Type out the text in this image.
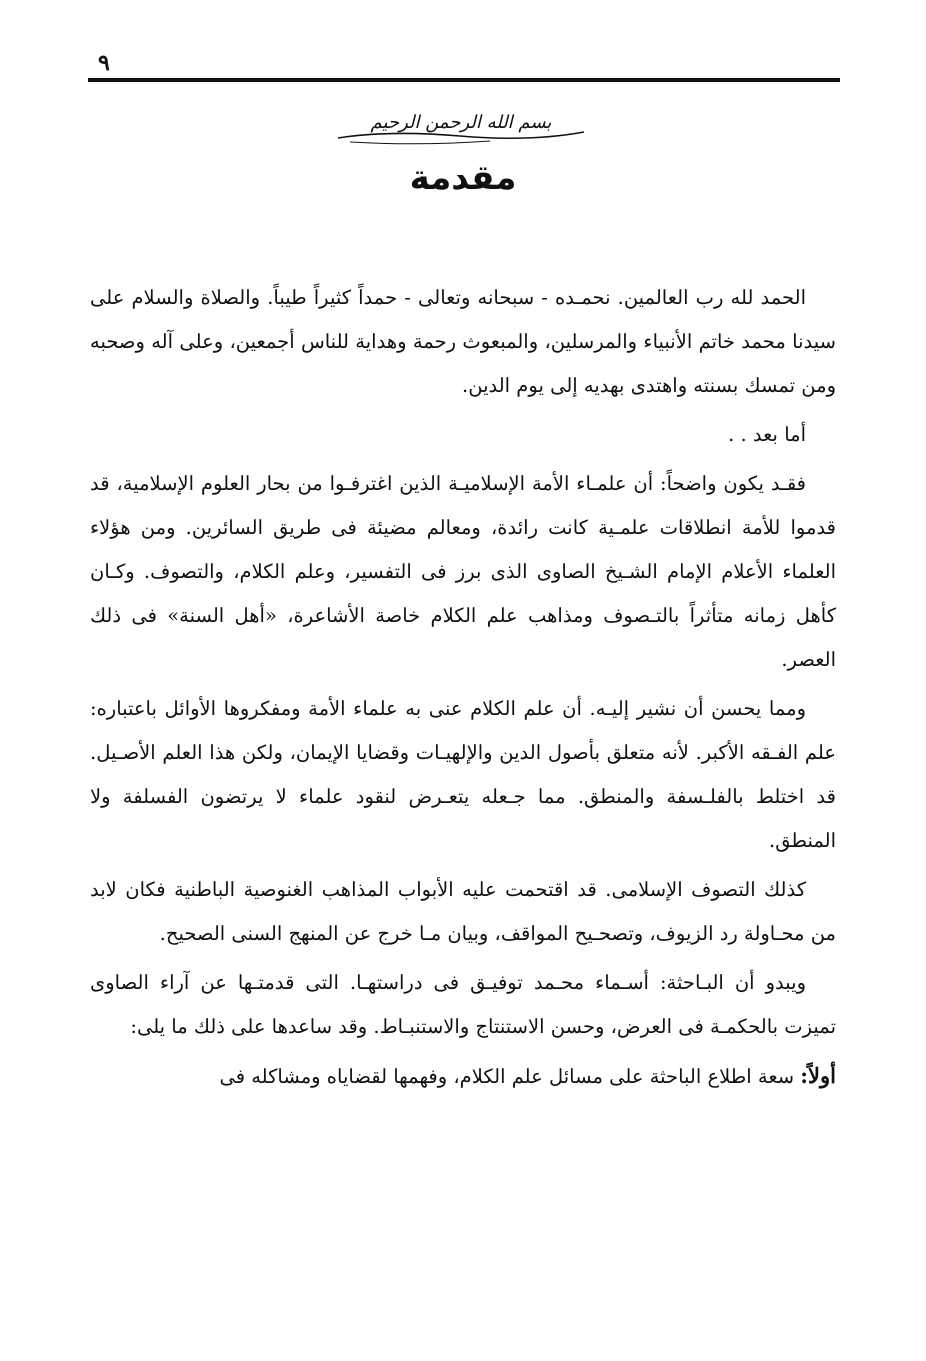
٩
بسم الله الرحمن الرحيم
مقدمة

الحمد لله رب العالمين. نحمـده - سبحانه وتعالى - حمداً كثيراً طيباً. والصلاة والسلام على سيدنا محمد خاتم الأنبياء والمرسلين، والمبعوث رحمة وهداية للناس أجمعين، وعلى آله وصحبه ومن تمسك بسنته واهتدى بهديه إلى يوم الدين.

أما بعد . .

فقـد يكون واضحاً: أن علمـاء الأمة الإسلاميـة الذين اغترفـوا من بحار العلوم الإسلامية، قد قدموا للأمة انطلاقات علمـية كانت رائدة، ومعالم مضيئة فى طريق السائرين. ومن هؤلاء العلماء الأعلام الإمام الشـيخ الصاوى الذى برز فى التفسير، وعلم الكلام، والتصوف. وكـان كأهل زمانه متأثراً بالتـصوف ومذاهب علم الكلام خاصة الأشاعرة، «أهل السنة» فى ذلك العصر.

ومما يحسن أن نشير إليـه. أن علم الكلام عنى به علماء الأمة ومفكروها الأوائل باعتباره: علم الفـقه الأكبر. لأنه متعلق بأصول الدين والإلهيـات وقضايا الإيمان، ولكن هذا العلم الأصـيل. قد اختلط بالفلـسفة والمنطق. مما جـعله يتعـرض لنقود علماء لا يرتضون الفسلفة ولا المنطق.

كذلك التصوف الإسلامى. قد اقتحمت عليه الأبواب المذاهب الغنوصية الباطنية فكان لابد من محـاولة رد الزيوف، وتصحـيح المواقف، وبيان مـا خرج عن المنهج السنى الصحيح.

ويبدو أن البـاحثة: أسـماء محـمد توفيـق فى دراستهـا. التى قدمتـها عن آراء الصاوى تميزت بالحكمـة فى العرض، وحسن الاستنتاج والاستنبـاط. وقد ساعدها على ذلك ما يلى:

أولاً: سعة اطلاع الباحثة على مسائل علم الكلام، وفهمها لقضاياه ومشاكله فى
